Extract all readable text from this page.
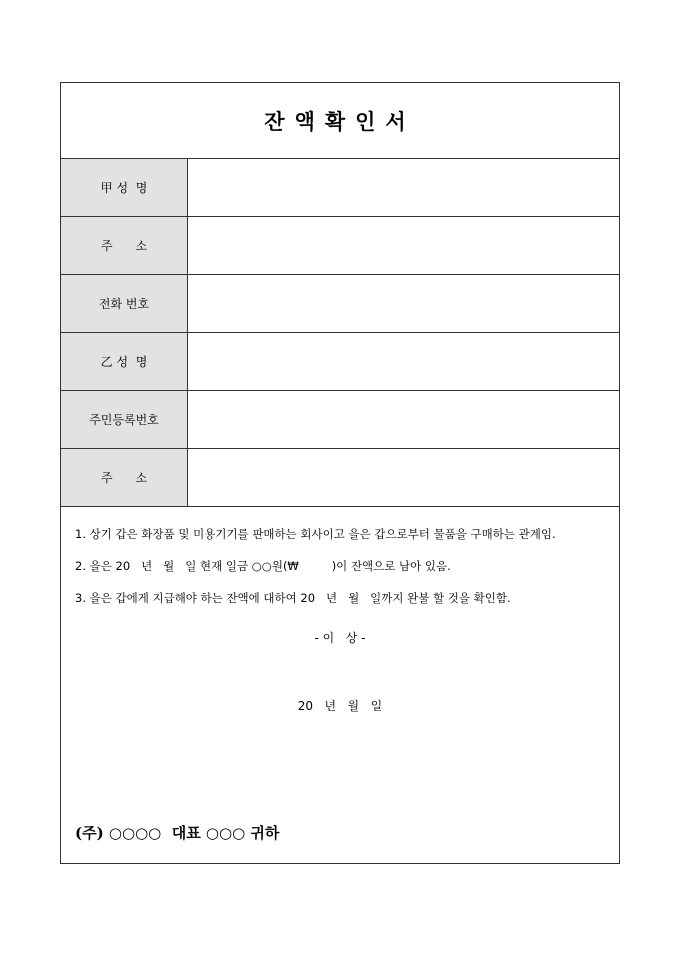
잔액확인서
甲 성  명
주      소
전화 번호
乙 성  명
주민등록번호
주      소

1. 상기 갑은 화장품 및 미용기기를 판매하는 회사이고 을은 갑으로부터 물품을 구매하는 관계임.

2. 을은 20   년   월   일 현재 일금 ○○원(₩         )이 잔액으로 남아 있음.

3. 을은 갑에게 지급해야 하는 잔액에 대하여 20   년   월   일까지 완불 할 것을 확인함.

- 이   상 -
20   년   월   일
(주) ○○○○  대표 ○○○ 귀하
